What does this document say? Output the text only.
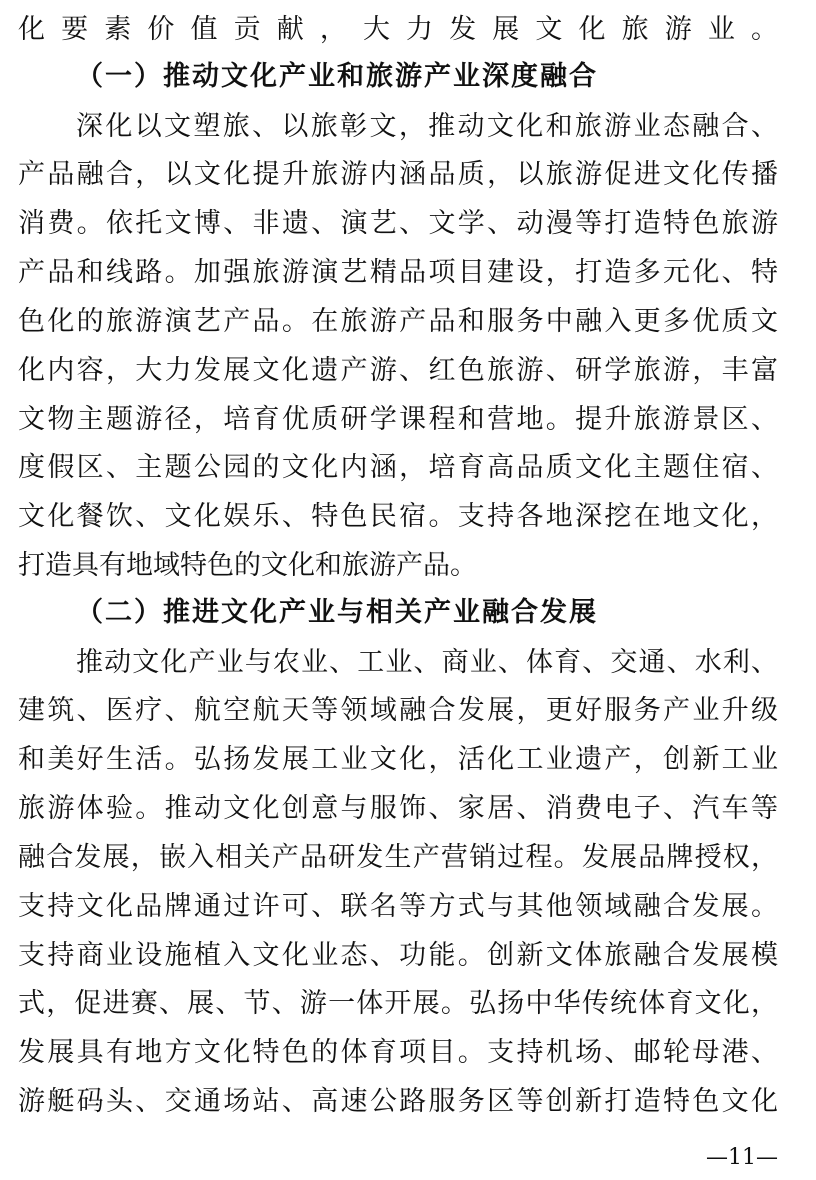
化要素价值贡献，大力发展文化旅游业。
（一）推动文化产业和旅游产业深度融合
深化以文塑旅、以旅彰文，推动文化和旅游业态融合、
产品融合，以文化提升旅游内涵品质，以旅游促进文化传播
消费。依托文博、非遗、演艺、文学、动漫等打造特色旅游
产品和线路。加强旅游演艺精品项目建设，打造多元化、特
色化的旅游演艺产品。在旅游产品和服务中融入更多优质文
化内容，大力发展文化遗产游、红色旅游、研学旅游，丰富
文物主题游径，培育优质研学课程和营地。提升旅游景区、
度假区、主题公园的文化内涵，培育高品质文化主题住宿、
文化餐饮、文化娱乐、特色民宿。支持各地深挖在地文化，
打造具有地域特色的文化和旅游产品。
（二）推进文化产业与相关产业融合发展
推动文化产业与农业、工业、商业、体育、交通、水利、
建筑、医疗、航空航天等领域融合发展，更好服务产业升级
和美好生活。弘扬发展工业文化，活化工业遗产，创新工业
旅游体验。推动文化创意与服饰、家居、消费电子、汽车等
融合发展，嵌入相关产品研发生产营销过程。发展品牌授权，
支持文化品牌通过许可、联名等方式与其他领域融合发展。
支持商业设施植入文化业态、功能。创新文体旅融合发展模
式，促进赛、展、节、游一体开展。弘扬中华传统体育文化，
发展具有地方文化特色的体育项目。支持机场、邮轮母港、
游艇码头、交通场站、高速公路服务区等创新打造特色文化
—11—
